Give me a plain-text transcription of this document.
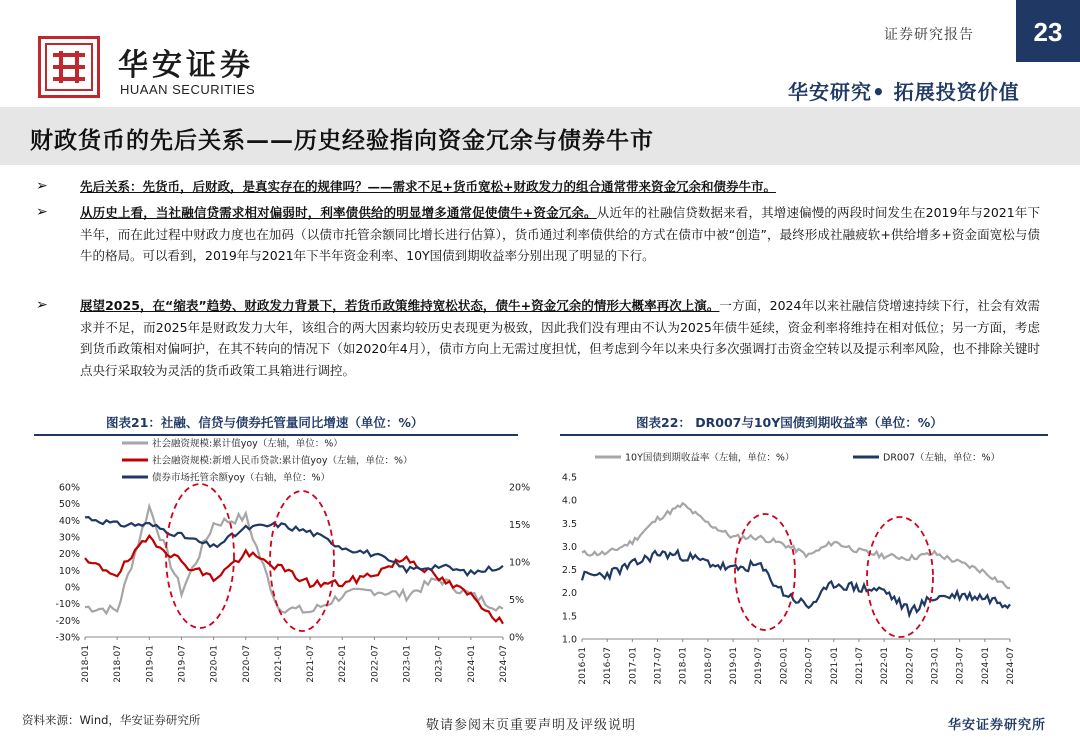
华安证券
HUAAN SECURITIES
证券研究报告	23
华安研究• 拓展投资价值
财政货币的先后关系——历史经验指向资金冗余与债券牛市
➢	先后关系：先货币，后财政，是真实存在的规律吗？——需求不足+货币宽松+财政发力的组合通常带来资金冗余和债券牛市。
➢	从历史上看，当社融信贷需求相对偏弱时，利率债供给的明显增多通常促使债牛+资金冗余。从近年的社融信贷数据来看，其增速偏慢的两段时间发生在2019年与2021年下半年，而在此过程中财政力度也在加码（以债市托管余额同比增长进行估算），货币通过利率债供给的方式在债市中被“创造”，最终形成社融疲软+供给增多+资金面宽松与债牛的格局。可以看到，2019年与2021年下半年资金利率、10Y国债到期收益率分别出现了明显的下行。
➢	展望2025，在“缩表”趋势、财政发力背景下，若货币政策维持宽松状态，债牛+资金冗余的情形大概率再次上演。一方面，2024年以来社融信贷增速持续下行，社会有效需求并不足，而2025年是财政发力大年，该组合的两大因素均较历史表现更为极致，因此我们没有理由不认为2025年债牛延续，资金利率将维持在相对低位；另一方面，考虑到货币政策相对偏呵护，在其不转向的情况下（如2020年4月），债市方向上无需过度担忧，但考虑到今年以来央行多次强调打击资金空转以及提示利率风险，也不排除关键时点央行采取较为灵活的货币政策工具箱进行调控。
图表21：社融、信贷与债券托管量同比增速（单位：%）	图表22： DR007与10Y国债到期收益率（单位：%）
60%
50%
40%
30%
20%
10%
0%
-10%
-20%
-30%
20%
15%
10%
5%
0%
2018-01 2018-07 2019-01 2019-07 2020-01 2020-07 2021-01 2021-07 2022-01 2022-07 2023-01 2023-07 2024-01 2024-07
社会融资规模:累计值yoy（左轴，单位：%）
社会融资规模:新增人民币贷款:累计值yoy（左轴，单位：%）
债券市场托管余额yoy（右轴，单位：%）	4.5
4.0
3.5
3.0
2.5
2.0
1.5
1.0
2016-01 2016-07 2017-01 2017-07 2018-01 2018-07 2019-01 2019-07 2020-01 2020-07 2021-01 2021-07 2022-01 2022-07 2023-01 2023-07 2024-01 2024-07
10Y国债到期收益率（左轴，单位：%）	DR007（左轴，单位：%）
资料来源：Wind，华安证券研究所	敬请参阅末页重要声明及评级说明	华安证券研究所
